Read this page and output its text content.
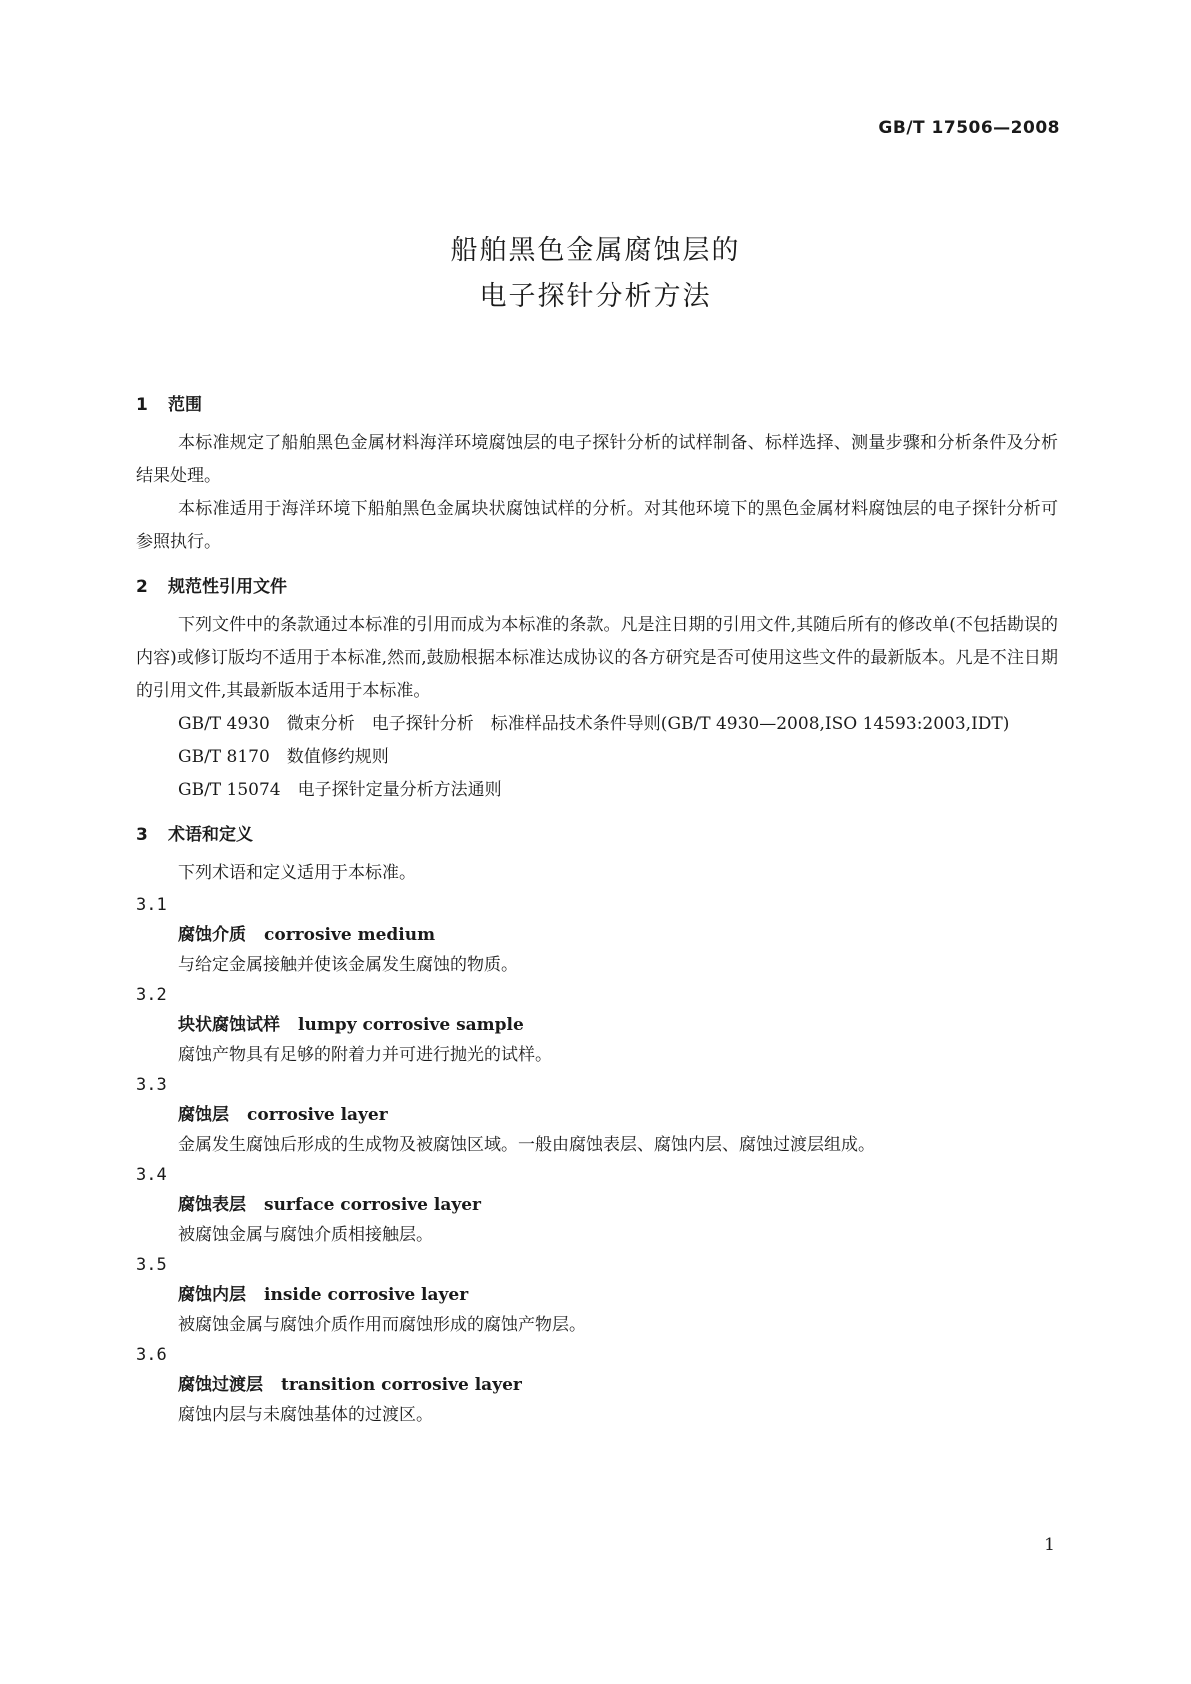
GB/T 17506—2008
船舶黑色金属腐蚀层的
电子探针分析方法
1 范围

本标准规定了船舶黑色金属材料海洋环境腐蚀层的电子探针分析的试样制备、标样选择、测量步骤和分析条件及分析结果处理。

本标准适用于海洋环境下船舶黑色金属块状腐蚀试样的分析。对其他环境下的黑色金属材料腐蚀层的电子探针分析可参照执行。

2 规范性引用文件

下列文件中的条款通过本标准的引用而成为本标准的条款。凡是注日期的引用文件,其随后所有的修改单(不包括勘误的内容)或修订版均不适用于本标准,然而,鼓励根据本标准达成协议的各方研究是否可使用这些文件的最新版本。凡是不注日期的引用文件,其最新版本适用于本标准。

GB/T 4930　微束分析　电子探针分析　标准样品技术条件导则(GB/T 4930—2008,ISO 14593:2003,IDT)

GB/T 8170　数值修约规则

GB/T 15074　电子探针定量分析方法通则

3 术语和定义

下列术语和定义适用于本标准。

3.1
腐蚀介质 corrosive medium
与给定金属接触并使该金属发生腐蚀的物质。
3.2
块状腐蚀试样 lumpy corrosive sample
腐蚀产物具有足够的附着力并可进行抛光的试样。
3.3
腐蚀层 corrosive layer
金属发生腐蚀后形成的生成物及被腐蚀区域。一般由腐蚀表层、腐蚀内层、腐蚀过渡层组成。
3.4
腐蚀表层 surface corrosive layer
被腐蚀金属与腐蚀介质相接触层。
3.5
腐蚀内层 inside corrosive layer
被腐蚀金属与腐蚀介质作用而腐蚀形成的腐蚀产物层。
3.6
腐蚀过渡层 transition corrosive layer
腐蚀内层与未腐蚀基体的过渡区。
1
